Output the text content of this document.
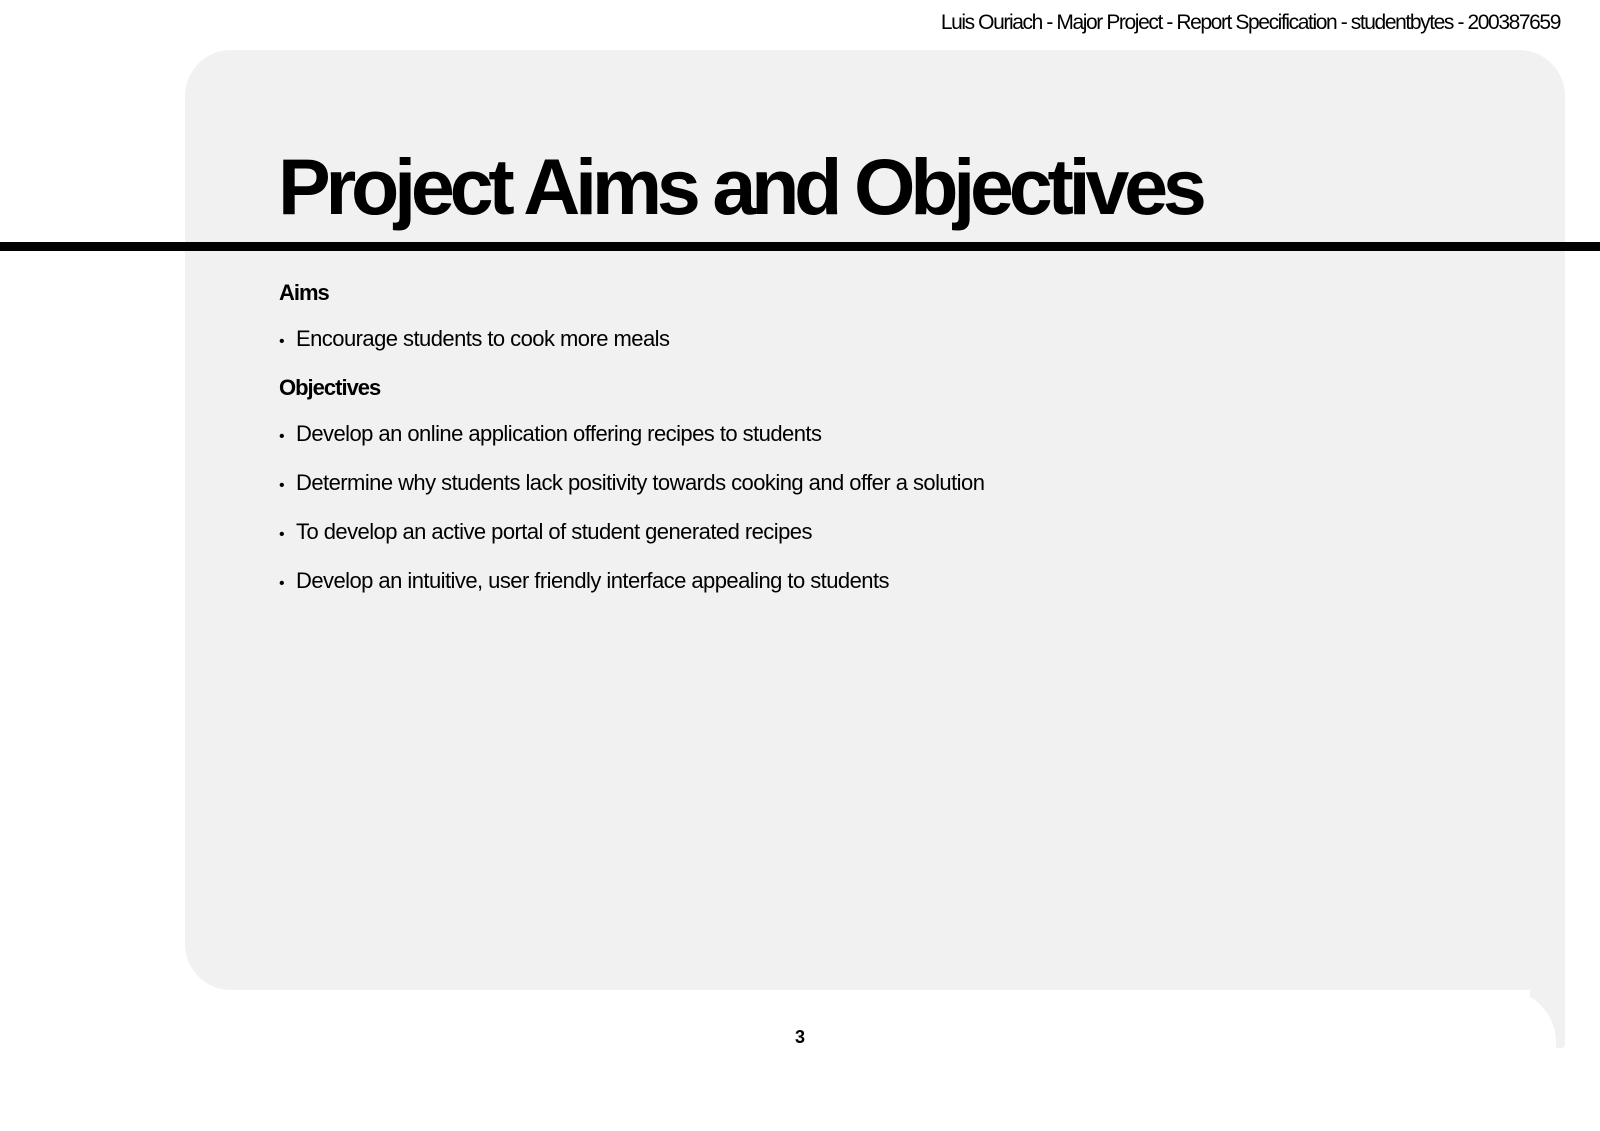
Luis Ouriach - Major Project - Report Specification - studentbytes - 200387659
Project Aims and Objectives
Aims
• Encourage students to cook more meals
Objectives
• Develop an online application offering recipes to students
• Determine why students lack positivity towards cooking and offer a solution
• To develop an active portal of student generated recipes
• Develop an intuitive, user friendly interface appealing to students
3
